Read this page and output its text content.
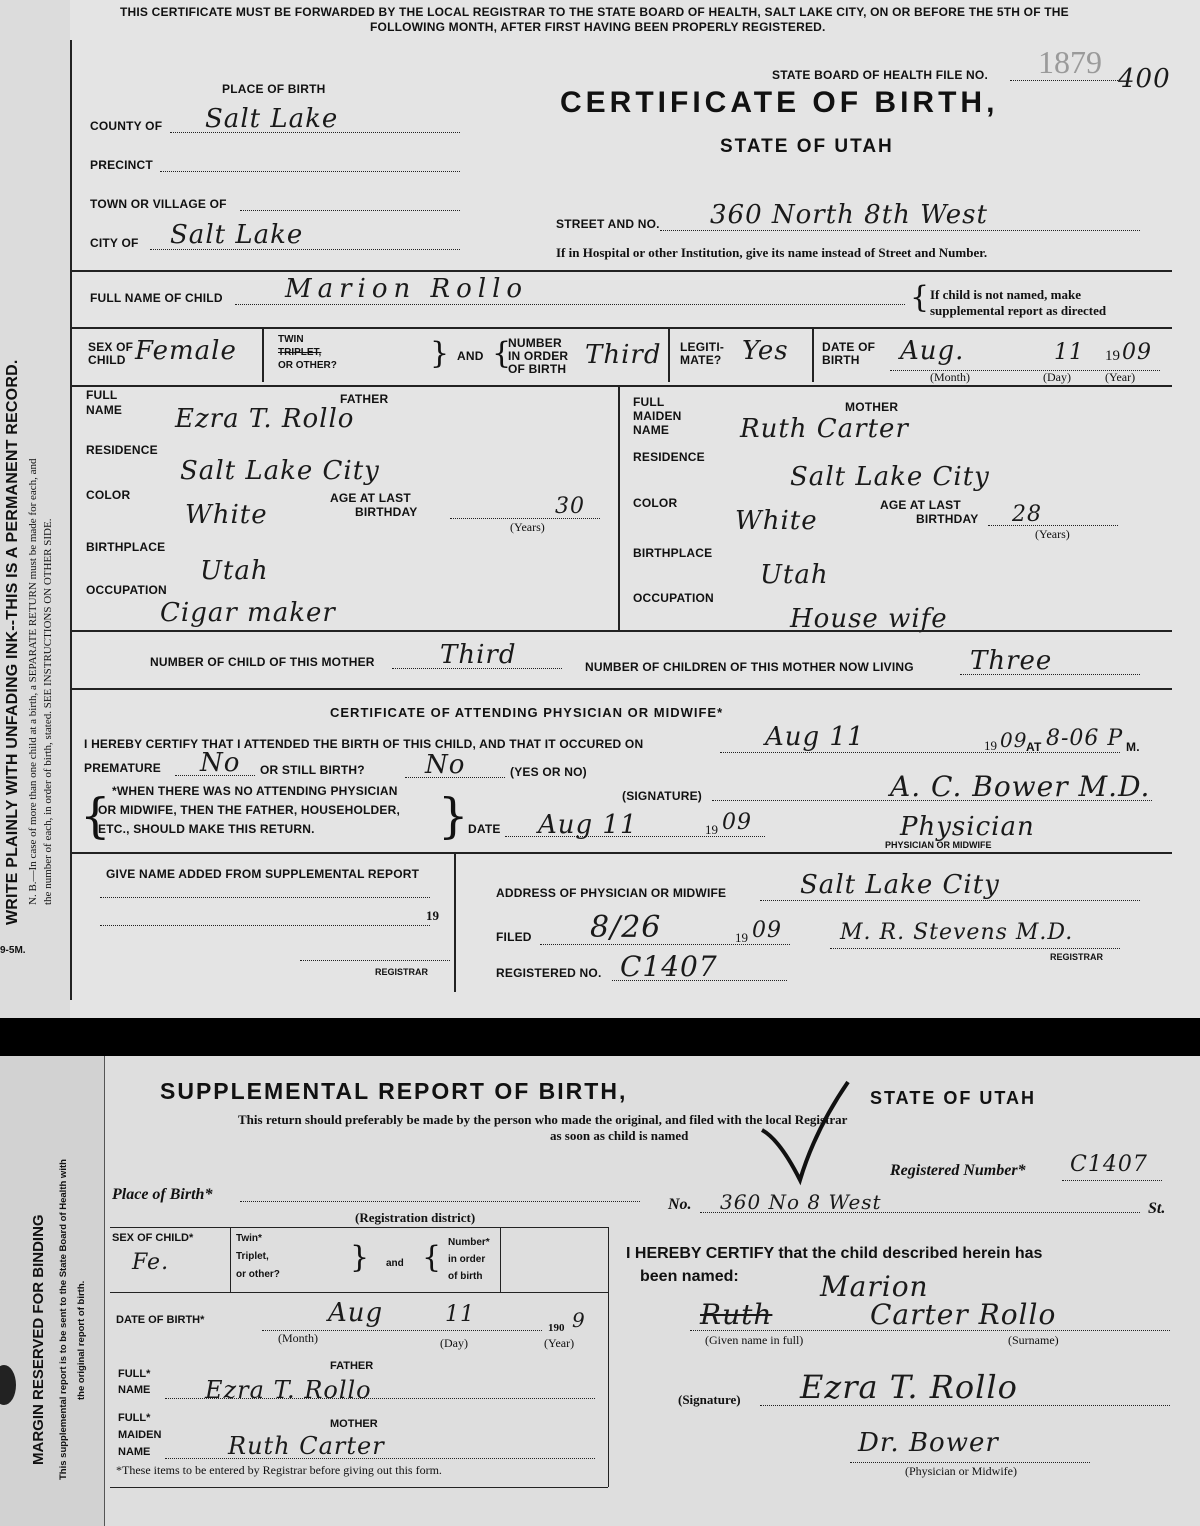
THIS CERTIFICATE MUST BE FORWARDED BY THE LOCAL REGISTRAR TO THE STATE BOARD OF HEALTH, SALT LAKE CITY, ON OR BEFORE THE 5TH OF THE
FOLLOWING MONTH, AFTER FIRST HAVING BEEN PROPERLY REGISTERED.
WRITE PLAINLY WITH UNFADING INK--THIS IS A PERMANENT RECORD. N. B.—In case of more than one child at a birth, a SEPARATE RETURN must be made for each, and the number of each, in order of birth, stated. SEE INSTRUCTIONS ON OTHER SIDE.
9-5M.
PLACE OF BIRTH
STATE BOARD OF HEALTH FILE NO. 1879 400
CERTIFICATE OF BIRTH,
STATE OF UTAH
COUNTY OF Salt Lake
PRECINCT
TOWN OR VILLAGE OF
CITY OF Salt Lake	STREET AND NO. 360 North 8th West
If in Hospital or other Institution, give its name instead of Street and Number.
FULL NAME OF CHILD Marion Rollo	{ If child is not named, make
supplemental report as directed
SEX OF
CHILD Female	TWIN
TRIPLET,
OR OTHER?	} AND {
NUMBER
IN ORDER
OF BIRTH Third LEGITI-
MATE? Yes	DATE OF
BIRTH Aug.	11 19 09
(Month)	(Day)	(Year)
FATHER
FULL
NAME Ezra T. Rollo
RESIDENCE
Salt Lake City
COLOR
White
AGE AT LAST
BIRTHDAY	30
(Years)
BIRTHPLACE
Utah
OCCUPATION
Cigar maker
MOTHER
FULL
MAIDEN
NAME	Ruth Carter
RESIDENCE
Salt Lake City
COLOR
White
AGE AT LAST
BIRTHDAY 28
(Years)
BIRTHPLACE
Utah
OCCUPATION
House wife
NUMBER OF CHILD OF THIS MOTHER	Third	NUMBER OF CHILDREN OF THIS MOTHER NOW LIVING Three
CERTIFICATE OF ATTENDING PHYSICIAN OR MIDWIFE*
I HEREBY CERTIFY THAT I ATTENDED THE BIRTH OF THIS CHILD, AND THAT IT OCCURED ON	Aug 11	09
19 AT 8-06 P M.
PREMATURE No OR STILL BIRTH? No	(YES OR NO)
{ *WHEN THERE WAS NO ATTENDING PHYSICIAN
OR MIDWIFE, THEN THE FATHER, HOUSEHOLDER,
ETC., SHOULD MAKE THIS RETURN.	}	(SIGNATURE)	A. C. Bower M.D.
DATE Aug 11	19 09	Physician
PHYSICIAN OR MIDWIFE
GIVE NAME ADDED FROM SUPPLEMENTAL REPORT
19
REGISTRAR
ADDRESS OF PHYSICIAN OR MIDWIFE	Salt Lake City
FILED 8/26	19 09	M. R. Stevens M.D.
REGISTRAR
REGISTERED NO. C1407
MARGIN RESERVED FOR BINDING This supplemental report is to be sent to the State Board of Health with the original report of birth.
SUPPLEMENTAL REPORT OF BIRTH,	STATE OF UTAH
This return should preferably be made by the person who made the original, and filed with the local Registrar
as soon as child is named
Registered Number* C1407
Place of Birth*
(Registration district)
No. 360 No 8 West	St.
SEX OF CHILD*
Fe.
Twin*
Triplet,
or other? } and { Number*
in order
of birth
DATE OF BIRTH*	Aug	11
190 9
(Month)	(Day)	(Year)
FATHER
FULL*
NAME Ezra T. Rollo
MOTHER
FULL*
MAIDEN
NAME	Ruth Carter
*These items to be entered by Registrar before giving out this form.
I HEREBY CERTIFY that the child described herein has
been named:	Marion
Ruth	Carter Rollo
(Given name in full)	(Surname)
(Signature) Ezra T. Rollo
Dr. Bower
(Physician or Midwife)
